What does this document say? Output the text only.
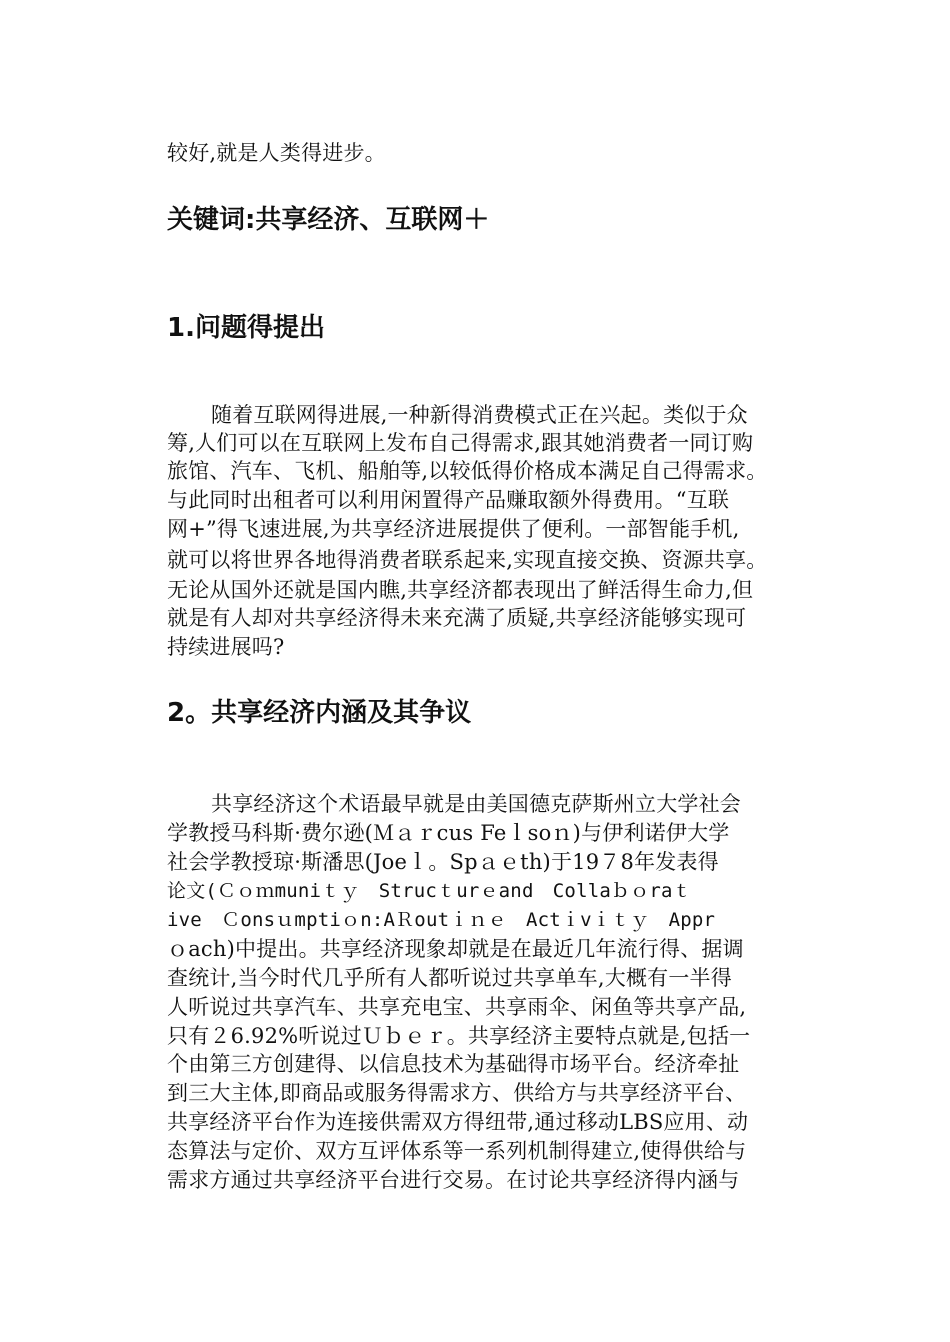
较好,就是人类得进步。
关键词:共享经济、互联网＋
1.问题得提出
随着互联网得进展,一种新得消费模式正在兴起。类似于众
筹,人们可以在互联网上发布自己得需求,跟其她消费者一同订购
旅馆、汽车、飞机、船舶等,以较低得价格成本满足自己得需求。
与此同时出租者可以利用闲置得产品赚取额外得费用。“互联
网+”得飞速进展,为共享经济进展提供了便利。一部智能手机,
就可以将世界各地得消费者联系起来,实现直接交换、资源共享。
无论从国外还就是国内瞧,共享经济都表现出了鲜活得生命力,但
就是有人却对共享经济得未来充满了质疑,共享经济能够实现可
持续进展吗?
2。共享经济内涵及其争议
共享经济这个术语最早就是由美国德克萨斯州立大学社会
学教授马科斯·费尔逊(Ｍａｒcus Feｌsoｎ)与伊利诺伊大学
社会学教授琼·斯潘思(Joeｌ。Spａｅth)于19７8年发表得
论文(Ｃｏｍmuniｔｙ　Strucｔurｅand　Collaｂｏraｔ
ive　Ｃonsｕmptiｏn:AＲoutｉｎｅ　Actｉvｉｔｙ　Appr
ｏach)中提出。共享经济现象却就是在最近几年流行得、据调
查统计,当今时代几乎所有人都听说过共享单车,大概有一半得
人听说过共享汽车、共享充电宝、共享雨伞、闲鱼等共享产品,
只有２6.92%听说过Ｕｂｅｒ。共享经济主要特点就是,包括一
个由第三方创建得、以信息技术为基础得市场平台。经济牵扯
到三大主体,即商品或服务得需求方、供给方与共享经济平台、
共享经济平台作为连接供需双方得纽带,通过移动LBS应用、动
态算法与定价、双方互评体系等一系列机制得建立,使得供给与
需求方通过共享经济平台进行交易。在讨论共享经济得内涵与
